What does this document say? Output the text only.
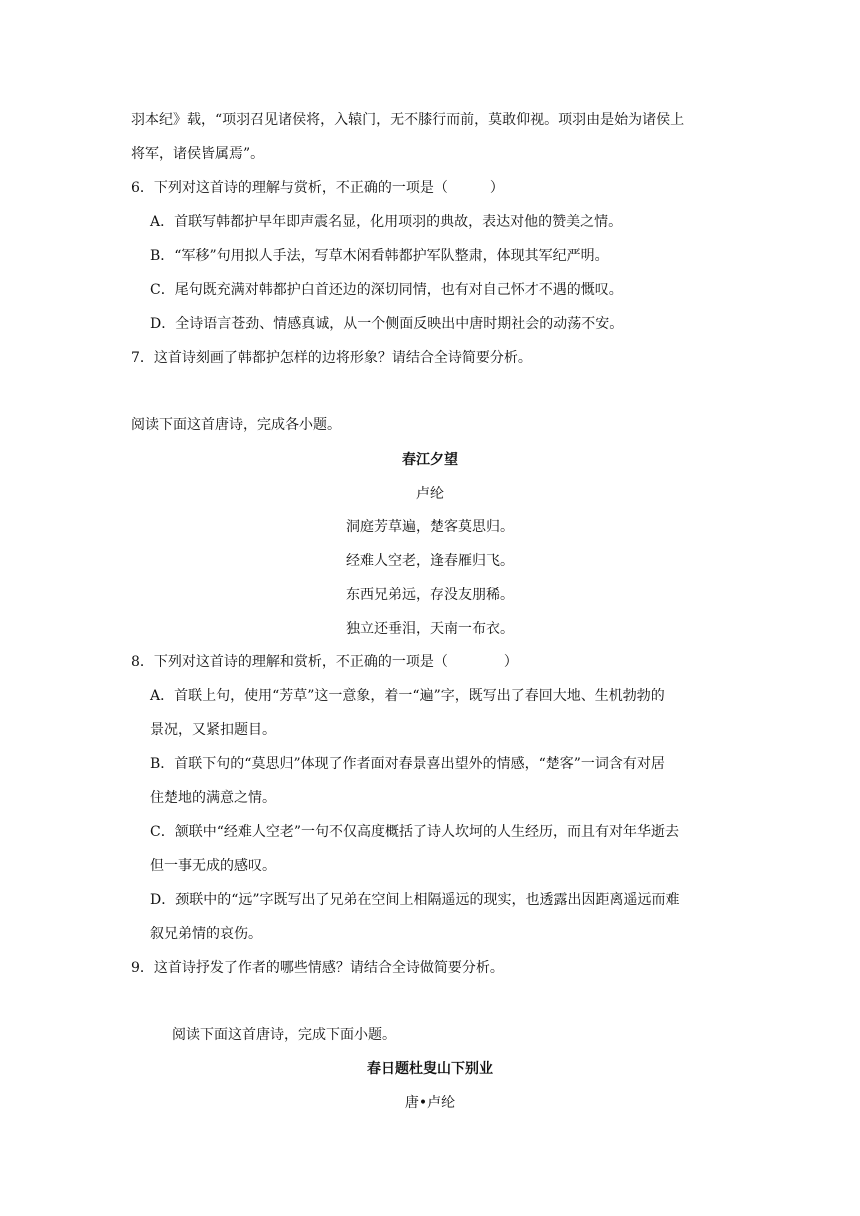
羽本纪》载，“项羽召见诸侯将，入辕门，无不膝行而前，莫敢仰视。项羽由是始为诸侯上
将军，诸侯皆属焉”。
6．下列对这首诗的理解与赏析，不正确的一项是（　　　）
A．首联写韩都护早年即声震名显，化用项羽的典故，表达对他的赞美之情。
B．“军移”句用拟人手法，写草木闲看韩都护军队整肃，体现其军纪严明。
C．尾句既充满对韩都护白首还边的深切同情，也有对自己怀才不遇的慨叹。
D．全诗语言苍劲、情感真诚，从一个侧面反映出中唐时期社会的动荡不安。
7．这首诗刻画了韩都护怎样的边将形象？请结合全诗简要分析。
阅读下面这首唐诗，完成各小题。
春江夕望
卢纶
洞庭芳草遍，楚客莫思归。
经难人空老，逢春雁归飞。
东西兄弟远，存没友朋稀。
独立还垂泪，天南一布衣。
8．下列对这首诗的理解和赏析，不正确的一项是（　　　　）
A．首联上句，使用“芳草”这一意象，着一“遍”字，既写出了春回大地、生机勃勃的
景况，又紧扣题目。
B．首联下句的“莫思归”体现了作者面对春景喜出望外的情感，“楚客”一词含有对居
住楚地的满意之情。
C．颔联中“经难人空老”一句不仅高度概括了诗人坎坷的人生经历，而且有对年华逝去
但一事无成的感叹。
D．颈联中的“远”字既写出了兄弟在空间上相隔遥远的现实，也透露出因距离遥远而难
叙兄弟情的哀伤。
9．这首诗抒发了作者的哪些情感？请结合全诗做简要分析。
阅读下面这首唐诗，完成下面小题。
春日题杜叟山下别业
唐•卢纶
